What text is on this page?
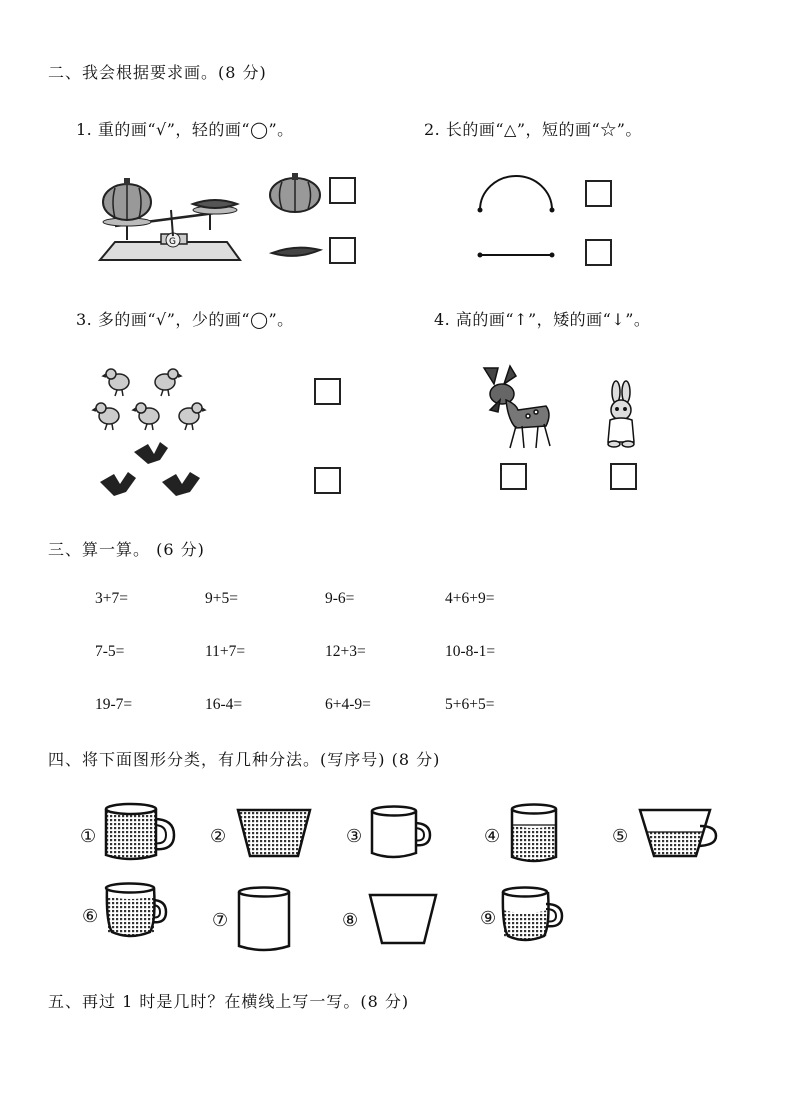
二、我会根据要求画。(8 分)
1. 重的画“√”，轻的画“◯”。	2. 长的画“△”，短的画“☆”。
G
3. 多的画“√”，少的画“◯”。	4. 高的画“↑”，矮的画“↓”。
三、算一算。 (6 分)
3+7=	9+5=	9-6=	4+6+9=
7-5=	11+7=	12+3=	10-8-1=
19-7=	16-4=	6+4-9=	5+6+5=
四、将下面图形分类，有几种分法。(写序号) (8 分)
①	②	③	④	⑤
⑥	⑦	⑧	⑨
五、再过 1 时是几时？在横线上写一写。(8 分)
